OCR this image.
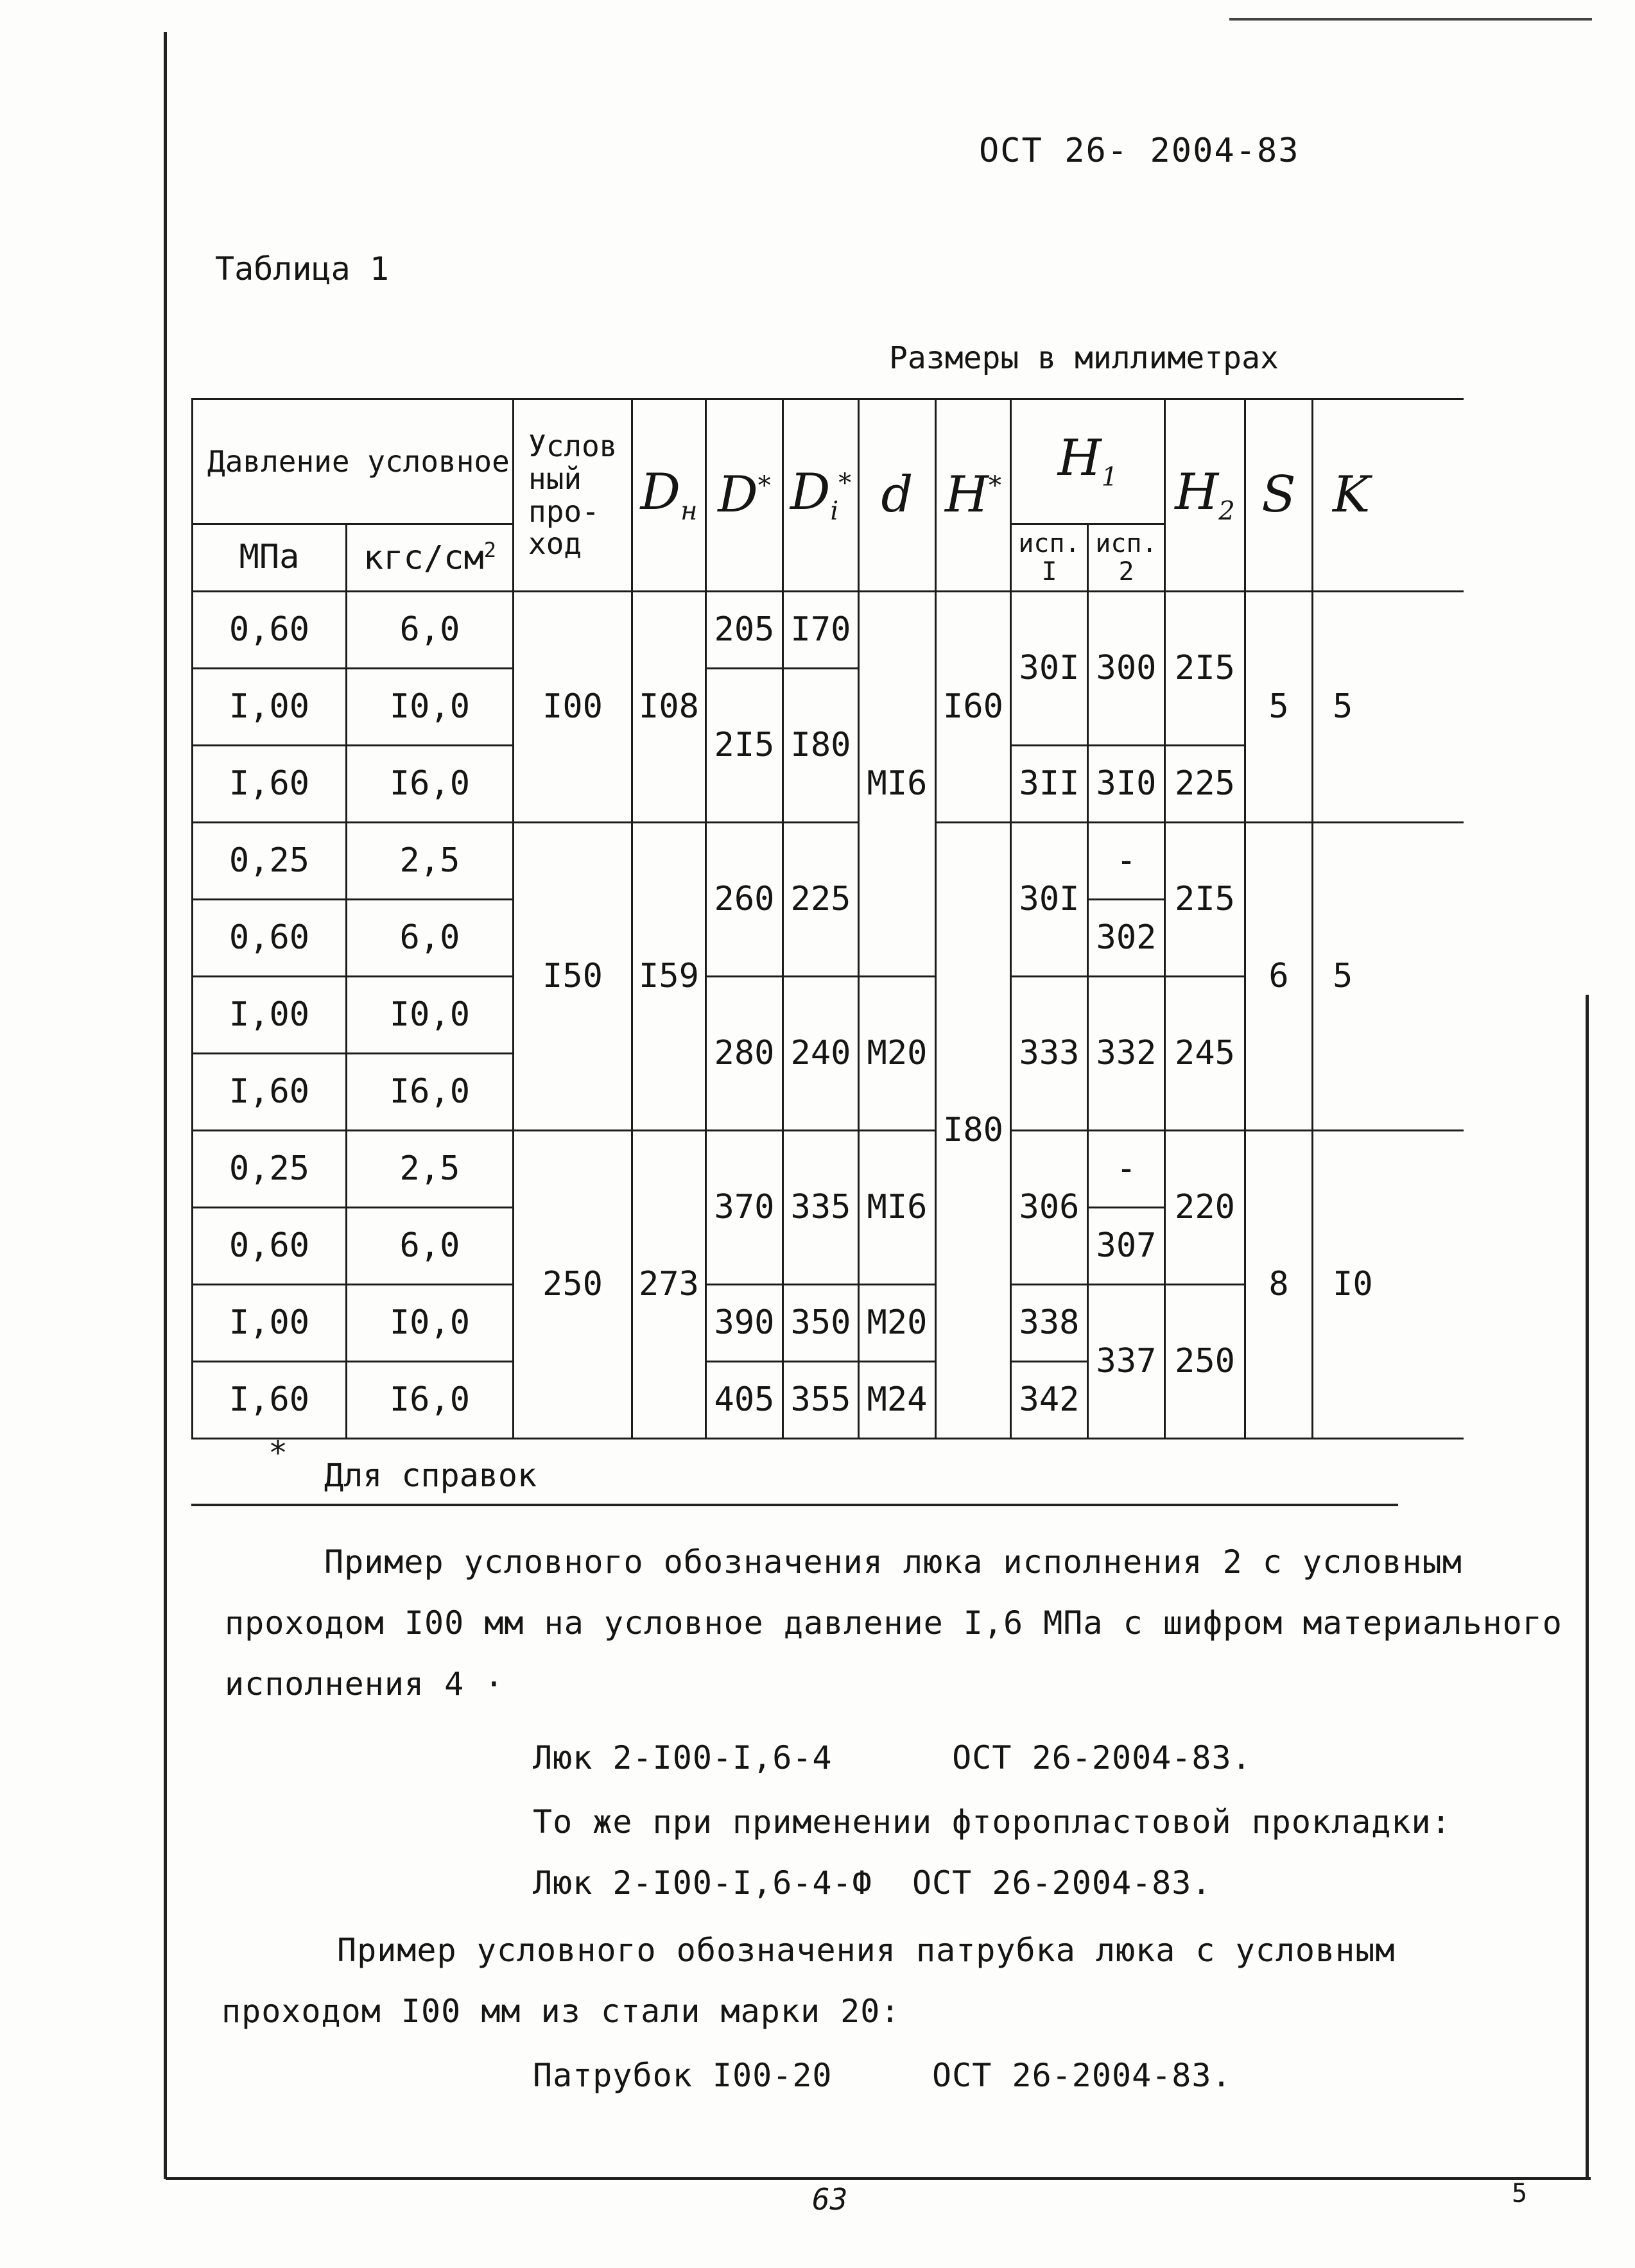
ОСТ 26- 2004-83
Таблица 1
Размеры в миллиметрах
Давление условное		Услов ный про- ход	$D_н$	D*	$D_i^*$	d	H*	$H_1$		$H_2$	S	K
МПа	кгс/$см^2$							исп. I	исп. 2			
0,60	6,0	I00	I08	205	I70	MI6	I60	30I	300	2I5	5	5
I,00	I0,0			2I5	I80							
I,60	I6,0							3II	3I0	225		
0,25	2,5	I50	I59	260	225		I80	30I	-	2I5	6	5
0,60	6,0								302			
I,00	I0,0			280	240	M20		333	332	245		
I,60	I6,0											
0,25	2,5	250	273	370	335	MI6		306	-	220	8	I0
0,60	6,0								307			
I,00	I0,0			390	350	M20		338	337	250		
I,60	I6,0			405	355	M24		342				
*
Для справок
Пример условного обозначения люка исполнения 2 с условным
проходом I00 мм на условное давление I,6 МПа с шифром материального
исполнения 4 ·
Люк 2-I00-I,6-4      ОСТ 26-2004-83.
То же при применении фторопластовой прокладки:
Люк 2-I00-I,6-4-Ф  ОСТ 26-2004-83.
Пример условного обозначения патрубка люка с условным
проходом I00 мм из стали марки 20:
Патрубок I00-20     ОСТ 26-2004-83.
63	5
